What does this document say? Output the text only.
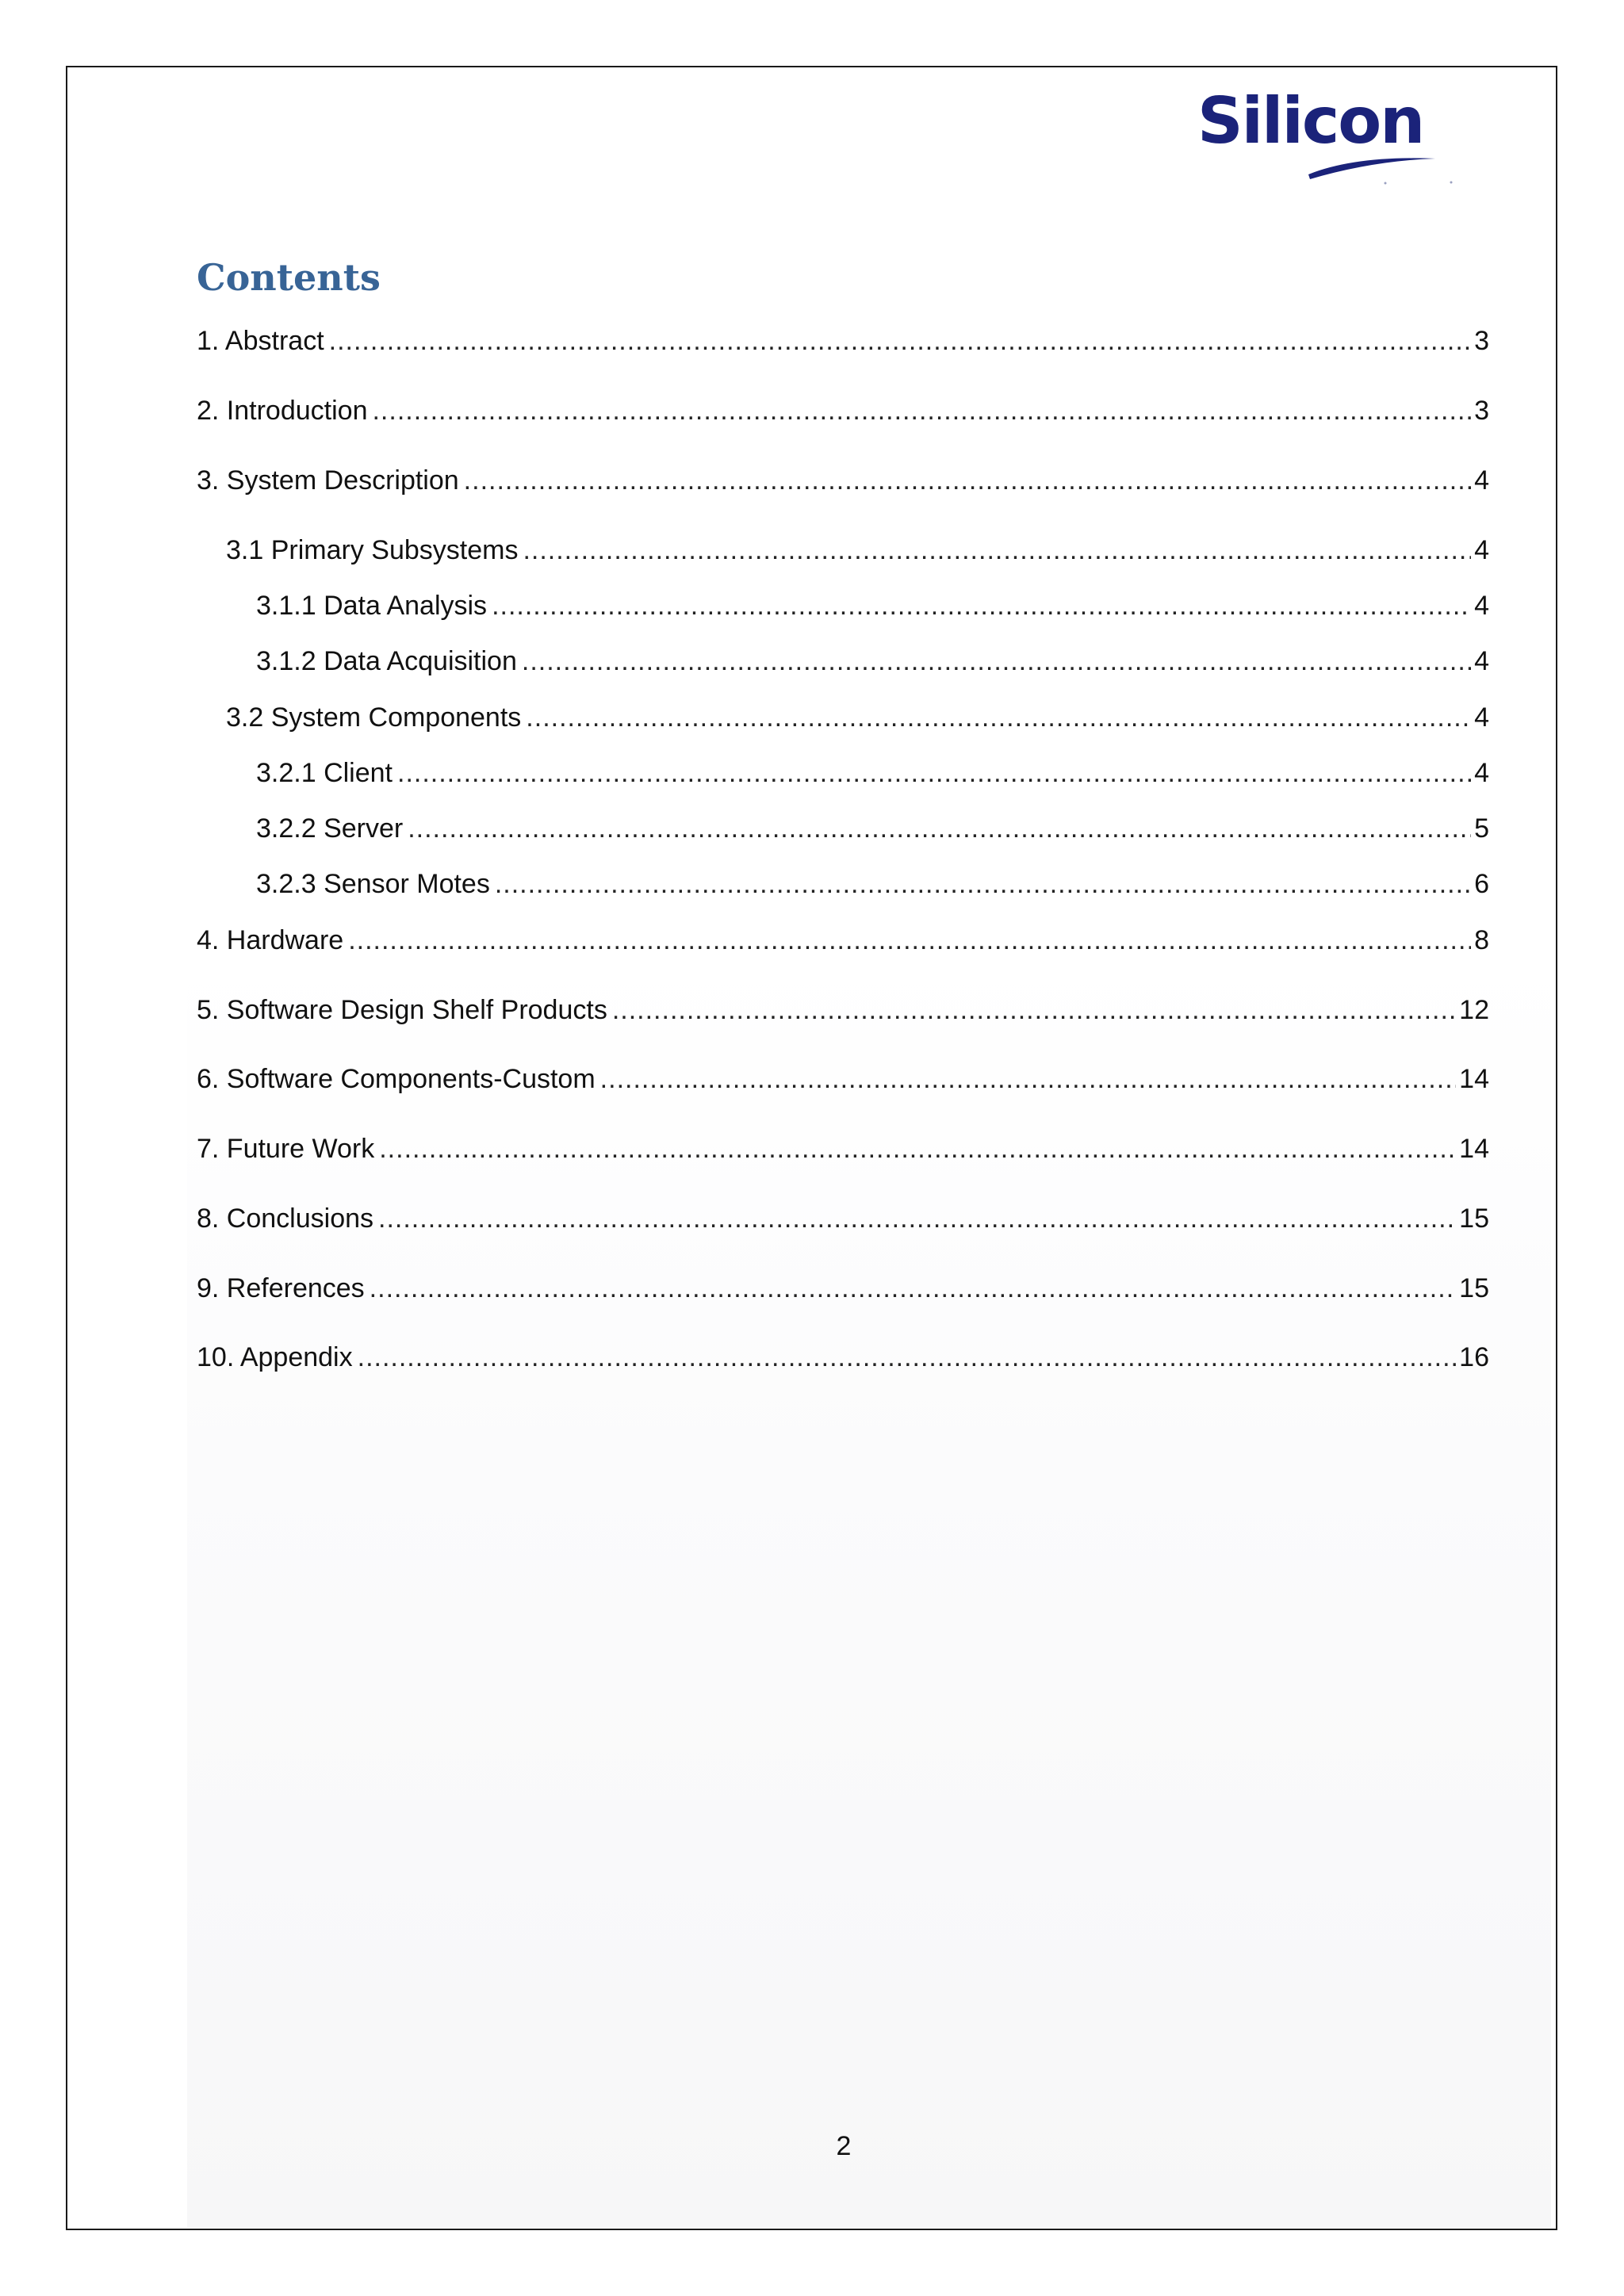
Silicon
Contents
1. Abstract .....	3
2. Introduction .....	3
3. System Description .....	4
3.1 Primary Subsystems .....	4
3.1.1 Data Analysis .....	4
3.1.2 Data Acquisition .....	4
3.2 System Components .....	4
3.2.1 Client .....	4
3.2.2 Server .....	5
3.2.3 Sensor Motes .....	6
4. Hardware .....	8
5. Software Design Shelf Products .....	12
6. Software Components-Custom .....	14
7. Future Work .....	14
8. Conclusions .....	15
9. References .....	15
10. Appendix .....	16
2
